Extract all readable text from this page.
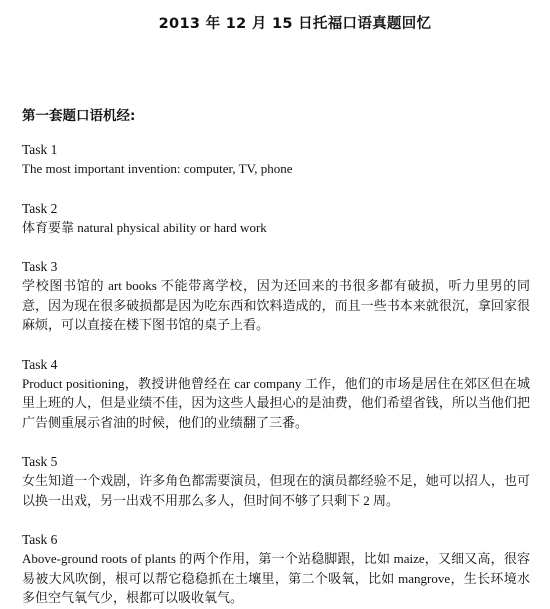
2013 年 12 月 15 日托福口语真题回忆
第一套题口语机经:
Task 1
The most important invention: computer, TV, phone
Task 2
体育要靠 natural physical ability or hard work
Task 3
学校图书馆的 art books 不能带离学校，因为还回来的书很多都有破损，听力里男的同意，因为现在很多破损都是因为吃东西和饮料造成的，而且一些书本来就很沉，拿回家很麻烦，可以直接在楼下图书馆的桌子上看。
Task 4
Product positioning，教授讲他曾经在 car company 工作，他们的市场是居住在郊区但在城里上班的人，但是业绩不佳，因为这些人最担心的是油费，他们希望省钱，所以当他们把广告侧重展示省油的时候，他们的业绩翻了三番。
Task 5
女生知道一个戏剧，许多角色都需要演员，但现在的演员都经验不足，她可以招人，也可以换一出戏，另一出戏不用那么多人，但时间不够了只剩下 2 周。
Task 6
Above-ground roots of plants 的两个作用，第一个站稳脚跟，比如 maize，又细又高，很容易被大风吹倒，根可以帮它稳稳抓在土壤里，第二个吸氧，比如 mangrove，生长环境水多但空气氧气少，根都可以吸收氧气。
